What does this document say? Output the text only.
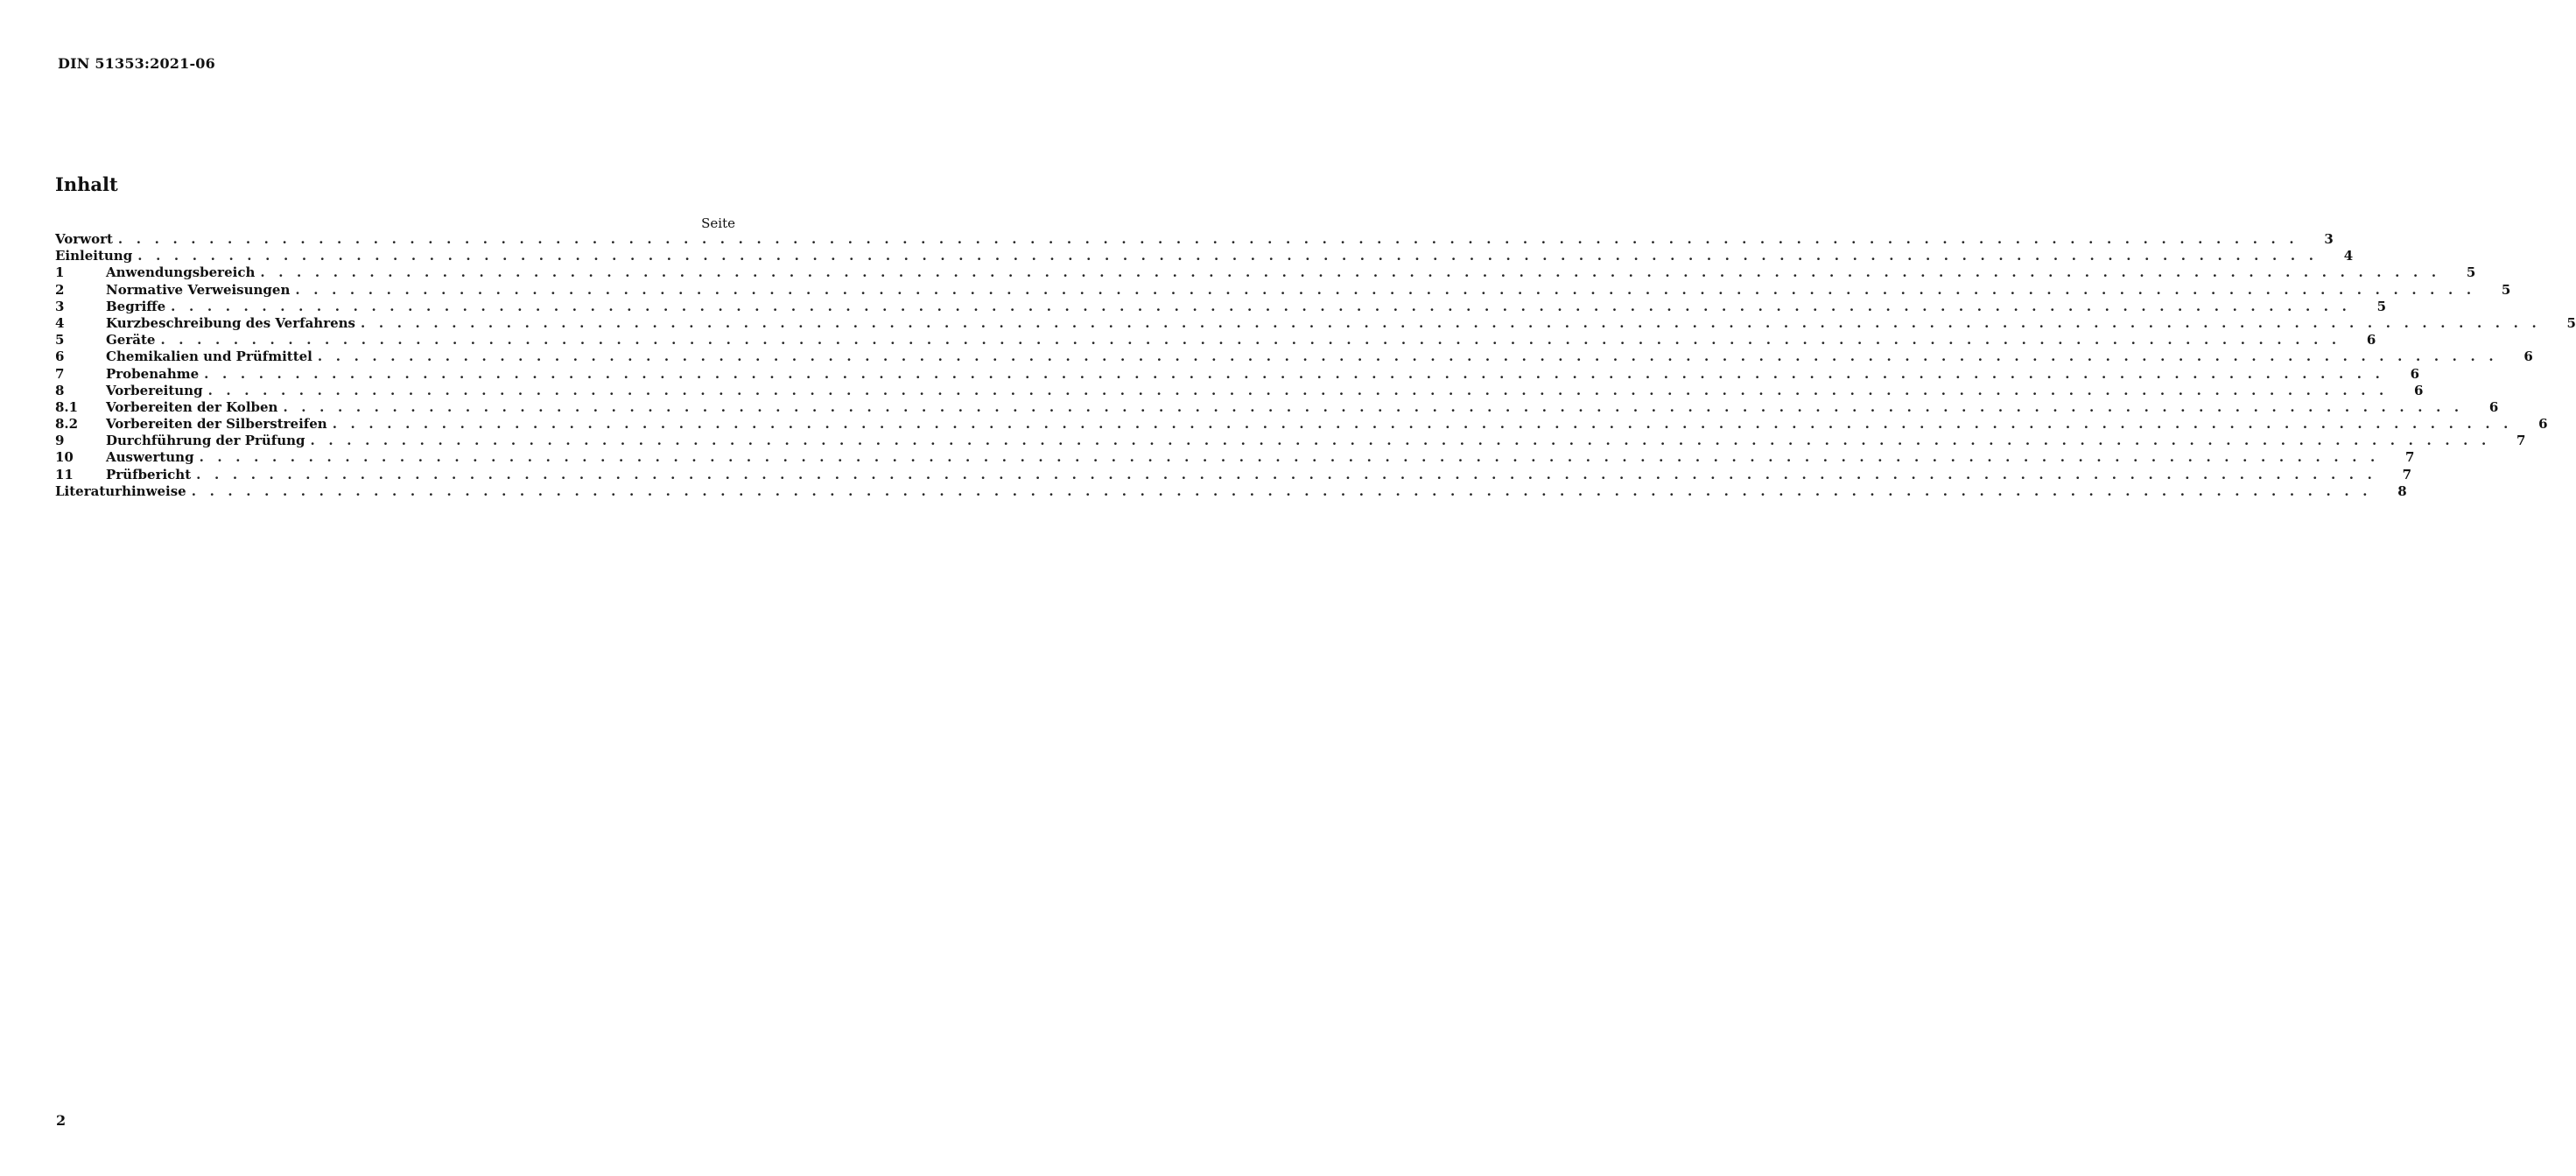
DIN 51353:2021-06
Inhalt
Seite
Vorwort . . . . . . . . . . . . . . . . . . . . . . . . . . . . . . . . . . . . . . . . . . . . . . . . . . . . . . . . . . . . . . . . . . . . . . . . . . . . . . . . . . . . . . . . . . . . . . . . . . . . . . . . . . . . . . . . . . . . . . . .	3
Einleitung . . . . . . . . . . . . . . . . . . . . . . . . . . . . . . . . . . . . . . . . . . . . . . . . . . . . . . . . . . . . . . . . . . . . . . . . . . . . . . . . . . . . . . . . . . . . . . . . . . . . . . . . . . . . . . . . . . . . . . . .	4
1	Anwendungsbereich . . . . . . . . . . . . . . . . . . . . . . . . . . . . . . . . . . . . . . . . . . . . . . . . . . . . . . . . . . . . . . . . . . . . . . . . . . . . . . . . . . . . . . . . . . . . . . . . . . . . . . . . . . . . . . . . . . . . . . . .	5
2	Normative Verweisungen . . . . . . . . . . . . . . . . . . . . . . . . . . . . . . . . . . . . . . . . . . . . . . . . . . . . . . . . . . . . . . . . . . . . . . . . . . . . . . . . . . . . . . . . . . . . . . . . . . . . . . . . . . . . . . . . . . . . . . . .	5
3	Begriffe . . . . . . . . . . . . . . . . . . . . . . . . . . . . . . . . . . . . . . . . . . . . . . . . . . . . . . . . . . . . . . . . . . . . . . . . . . . . . . . . . . . . . . . . . . . . . . . . . . . . . . . . . . . . . . . . . . . . . . . .	5
4	Kurzbeschreibung des Verfahrens . . . . . . . . . . . . . . . . . . . . . . . . . . . . . . . . . . . . . . . . . . . . . . . . . . . . . . . . . . . . . . . . . . . . . . . . . . . . . . . . . . . . . . . . . . . . . . . . . . . . . . . . . . . . . . . . . . . . . . . .	5
5	Geräte . . . . . . . . . . . . . . . . . . . . . . . . . . . . . . . . . . . . . . . . . . . . . . . . . . . . . . . . . . . . . . . . . . . . . . . . . . . . . . . . . . . . . . . . . . . . . . . . . . . . . . . . . . . . . . . . . . . . . . . .	6
6	Chemikalien und Prüfmittel . . . . . . . . . . . . . . . . . . . . . . . . . . . . . . . . . . . . . . . . . . . . . . . . . . . . . . . . . . . . . . . . . . . . . . . . . . . . . . . . . . . . . . . . . . . . . . . . . . . . . . . . . . . . . . . . . . . . . . . .	6
7	Probenahme . . . . . . . . . . . . . . . . . . . . . . . . . . . . . . . . . . . . . . . . . . . . . . . . . . . . . . . . . . . . . . . . . . . . . . . . . . . . . . . . . . . . . . . . . . . . . . . . . . . . . . . . . . . . . . . . . . . . . . . .	6
8	Vorbereitung . . . . . . . . . . . . . . . . . . . . . . . . . . . . . . . . . . . . . . . . . . . . . . . . . . . . . . . . . . . . . . . . . . . . . . . . . . . . . . . . . . . . . . . . . . . . . . . . . . . . . . . . . . . . . . . . . . . . . . . .	6
8.1	Vorbereiten der Kolben . . . . . . . . . . . . . . . . . . . . . . . . . . . . . . . . . . . . . . . . . . . . . . . . . . . . . . . . . . . . . . . . . . . . . . . . . . . . . . . . . . . . . . . . . . . . . . . . . . . . . . . . . . . . . . . . . . . . . . . .	6
8.2	Vorbereiten der Silberstreifen . . . . . . . . . . . . . . . . . . . . . . . . . . . . . . . . . . . . . . . . . . . . . . . . . . . . . . . . . . . . . . . . . . . . . . . . . . . . . . . . . . . . . . . . . . . . . . . . . . . . . . . . . . . . . . . . . . . . . . . .	6
9	Durchführung der Prüfung . . . . . . . . . . . . . . . . . . . . . . . . . . . . . . . . . . . . . . . . . . . . . . . . . . . . . . . . . . . . . . . . . . . . . . . . . . . . . . . . . . . . . . . . . . . . . . . . . . . . . . . . . . . . . . . . . . . . . . . .	7
10	Auswertung . . . . . . . . . . . . . . . . . . . . . . . . . . . . . . . . . . . . . . . . . . . . . . . . . . . . . . . . . . . . . . . . . . . . . . . . . . . . . . . . . . . . . . . . . . . . . . . . . . . . . . . . . . . . . . . . . . . . . . . .	7
11	Prüfbericht . . . . . . . . . . . . . . . . . . . . . . . . . . . . . . . . . . . . . . . . . . . . . . . . . . . . . . . . . . . . . . . . . . . . . . . . . . . . . . . . . . . . . . . . . . . . . . . . . . . . . . . . . . . . . . . . . . . . . . . .	7
Literaturhinweise . . . . . . . . . . . . . . . . . . . . . . . . . . . . . . . . . . . . . . . . . . . . . . . . . . . . . . . . . . . . . . . . . . . . . . . . . . . . . . . . . . . . . . . . . . . . . . . . . . . . . . . . . . . . . . . . . . . . . . . .	8
2
